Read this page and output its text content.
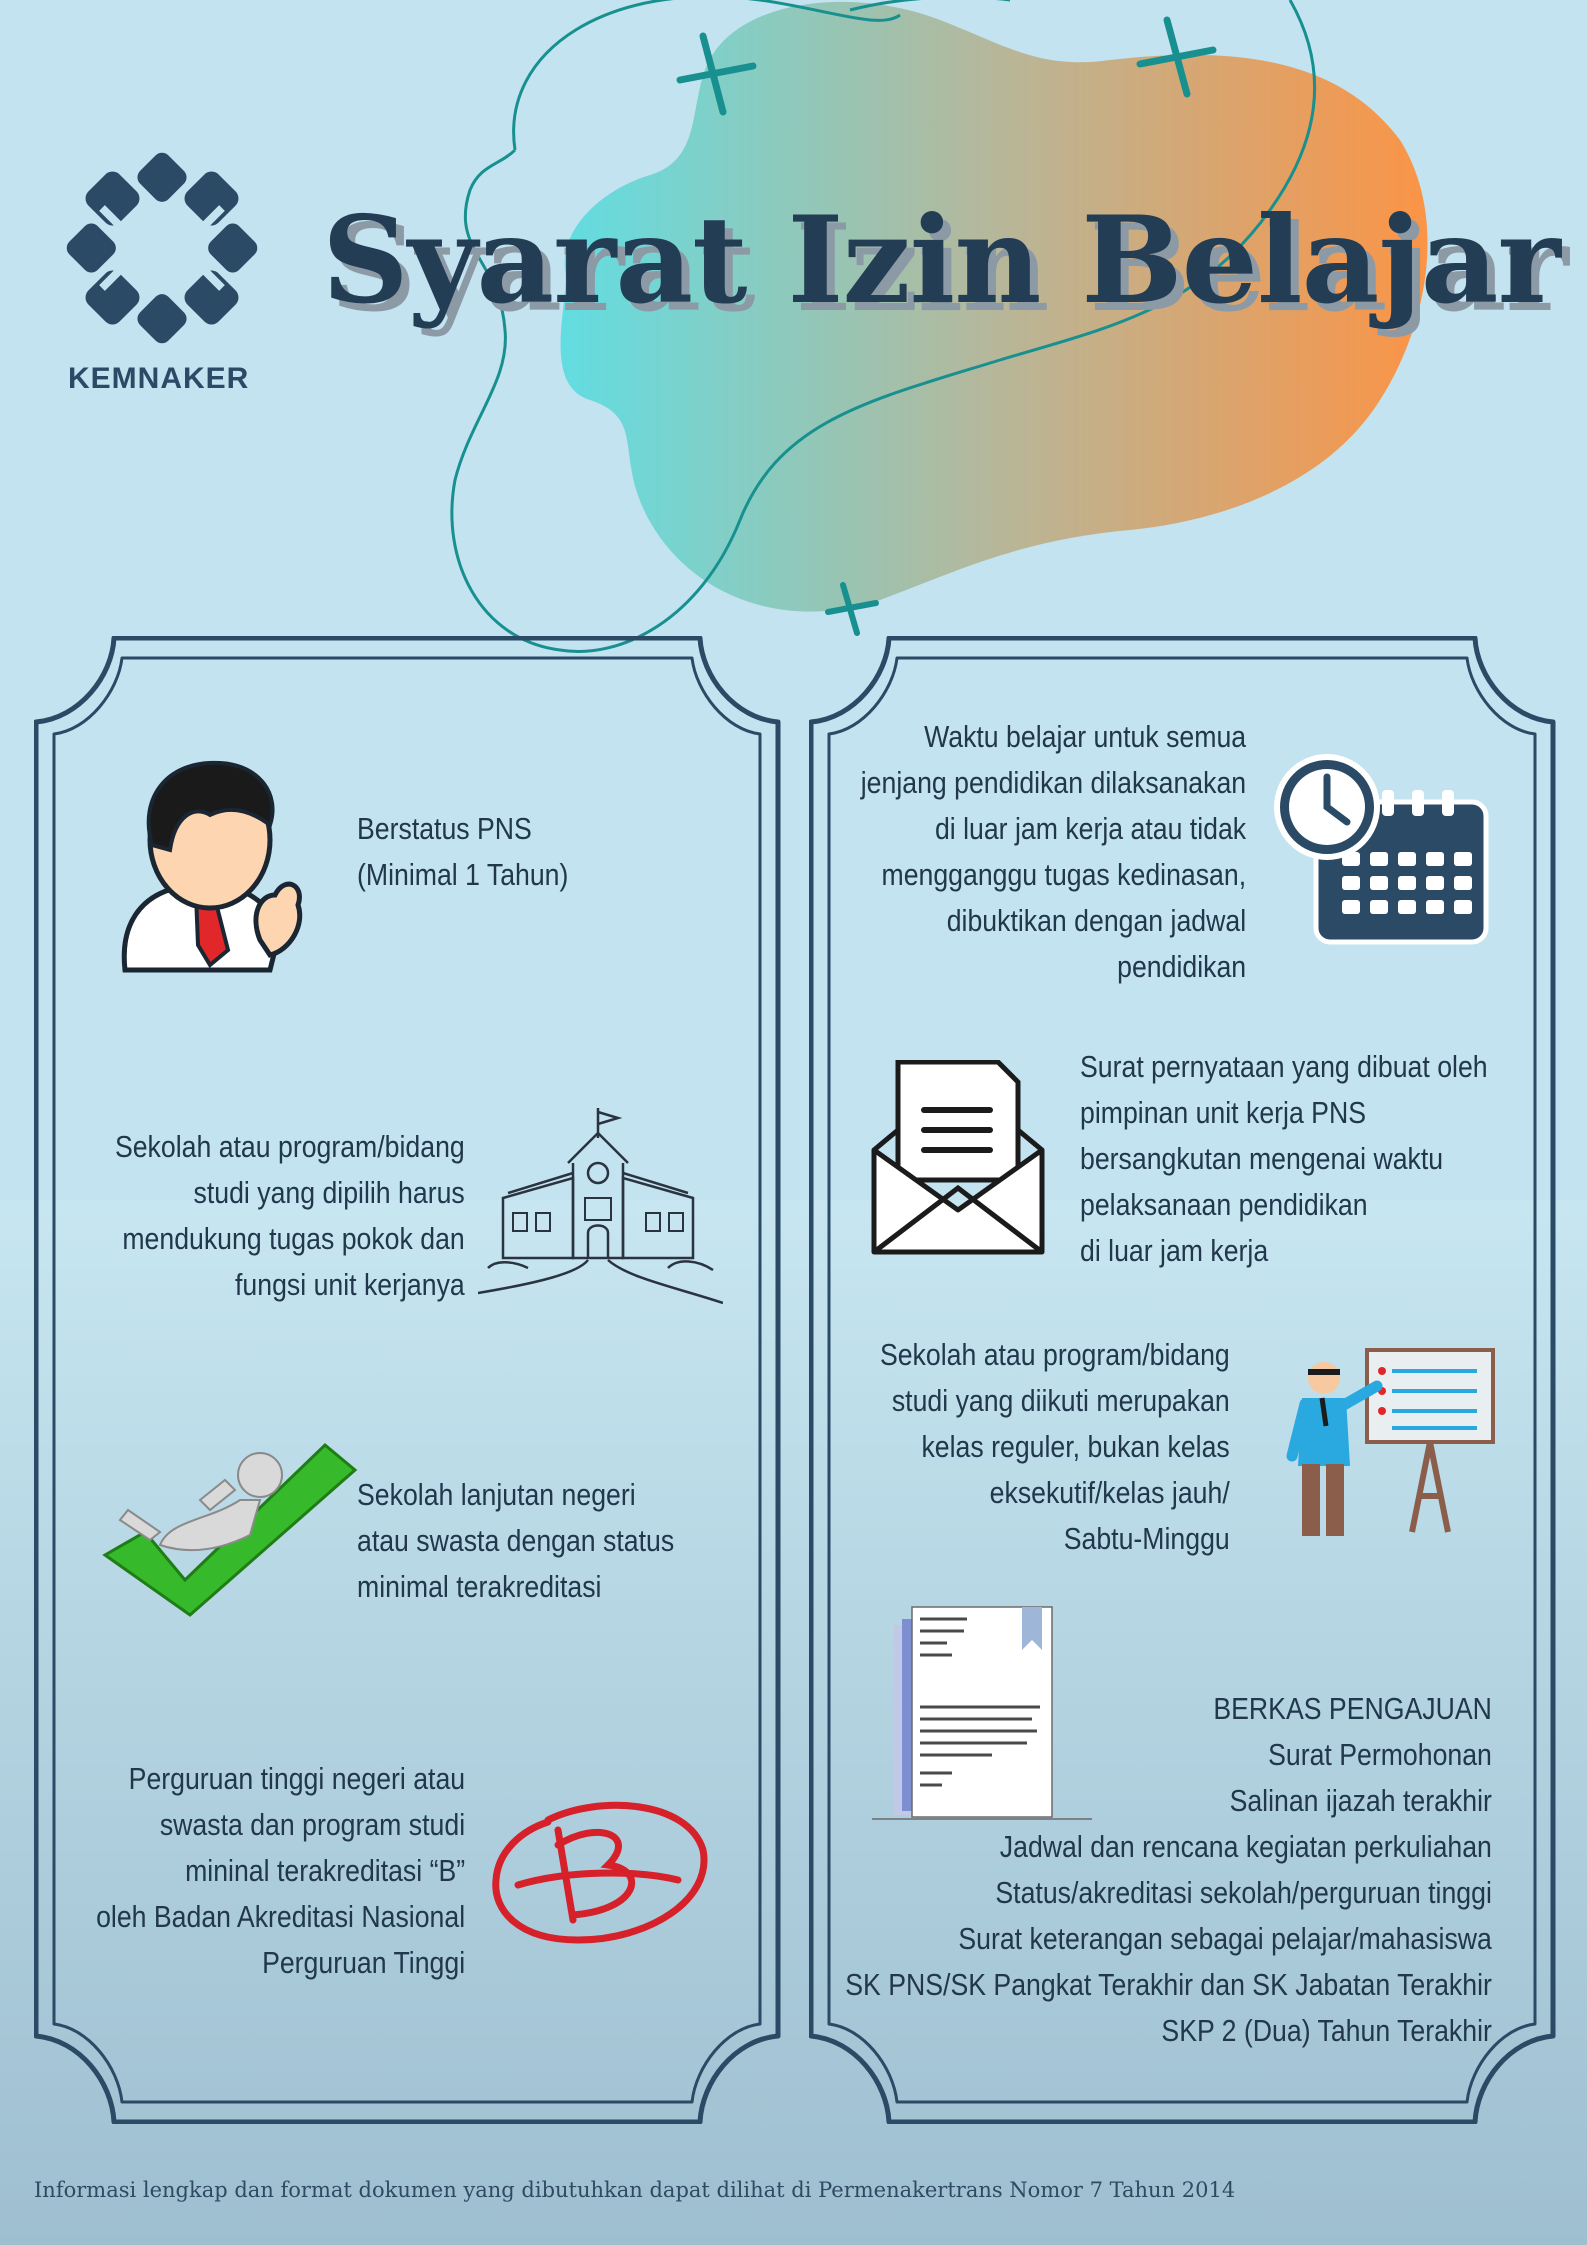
KEMNAKER
Syarat Izin Belajar
Berstatus PNS
(Minimal 1 Tahun)
Sekolah atau program/bidang
studi yang dipilih harus
mendukung tugas pokok dan
fungsi unit kerjanya
Sekolah lanjutan negeri
atau swasta dengan status
minimal terakreditasi
Perguruan tinggi negeri atau
swasta dan program studi
mininal terakreditasi “B”
oleh Badan Akreditasi Nasional
Perguruan Tinggi
Waktu belajar untuk semua
jenjang pendidikan dilaksanakan
di luar jam kerja atau tidak
mengganggu tugas kedinasan,
dibuktikan dengan jadwal
pendidikan
Surat pernyataan yang dibuat oleh
pimpinan unit kerja PNS
bersangkutan mengenai waktu
pelaksanaan pendidikan
di luar jam kerja
Sekolah atau program/bidang
studi yang diikuti merupakan
kelas reguler, bukan kelas
eksekutif/kelas jauh/
Sabtu-Minggu
BERKAS PENGAJUAN
Surat Permohonan
Salinan ijazah terakhir
Jadwal dan rencana kegiatan perkuliahan
Status/akreditasi sekolah/perguruan tinggi
Surat keterangan sebagai pelajar/mahasiswa
SK PNS/SK Pangkat Terakhir dan SK Jabatan Terakhir
SKP 2 (Dua) Tahun Terakhir

Informasi lengkap dan format dokumen yang dibutuhkan dapat dilihat di Permenakertrans Nomor 7 Tahun 2014
